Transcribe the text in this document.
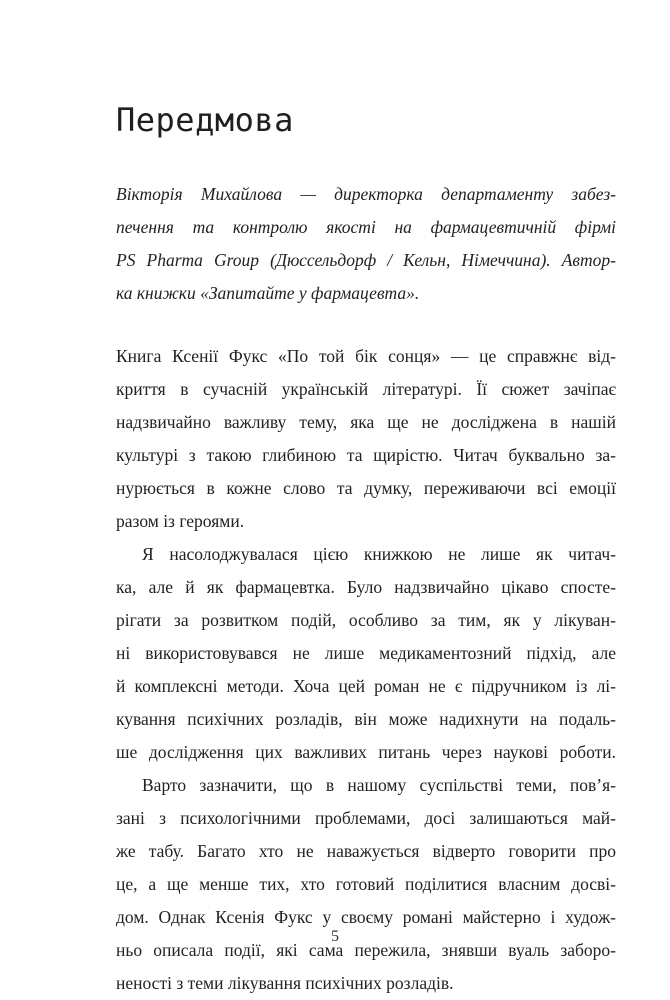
Передмова
Вікторія Михайлова — директорка департаменту забез-
печення та контролю якості на фармацевтичній фірмі
PS Pharma Group (Дюссельдорф / Кельн, Німеччина). Автор-
ка книжки «Запитайте у фармацевта».
Книга Ксенії Фукс «По той бік сонця» — це справжнє від-
криття в сучасній українській літературі. Її сюжет зачіпає
надзвичайно важливу тему, яка ще не досліджена в нашій
культурі з такою глибиною та щирістю. Читач буквально за-
нурюється в кожне слово та думку, переживаючи всі емоції
разом із героями.
Я насолоджувалася цією книжкою не лише як читач-
ка, але й як фармацевтка. Було надзвичайно цікаво спосте-
рігати за розвитком подій, особливо за тим, як у лікуван-
ні використовувався не лише медикаментозний підхід, але
й комплексні методи. Хоча цей роман не є підручником із лі-
кування психічних розладів, він може надихнути на подаль-
ше дослідження цих важливих питань через наукові роботи.
Варто зазначити, що в нашому суспільстві теми, пов’я-
зані з психологічними проблемами, досі залишаються май-
же табу. Багато хто не наважується відверто говорити про
це, а ще менше тих, хто готовий поділитися власним досві-
дом. Однак Ксенія Фукс у своєму романі майстерно і худож-
ньо описала події, які сама пережила, знявши вуаль заборо-
неності з теми лікування психічних розладів.
5
